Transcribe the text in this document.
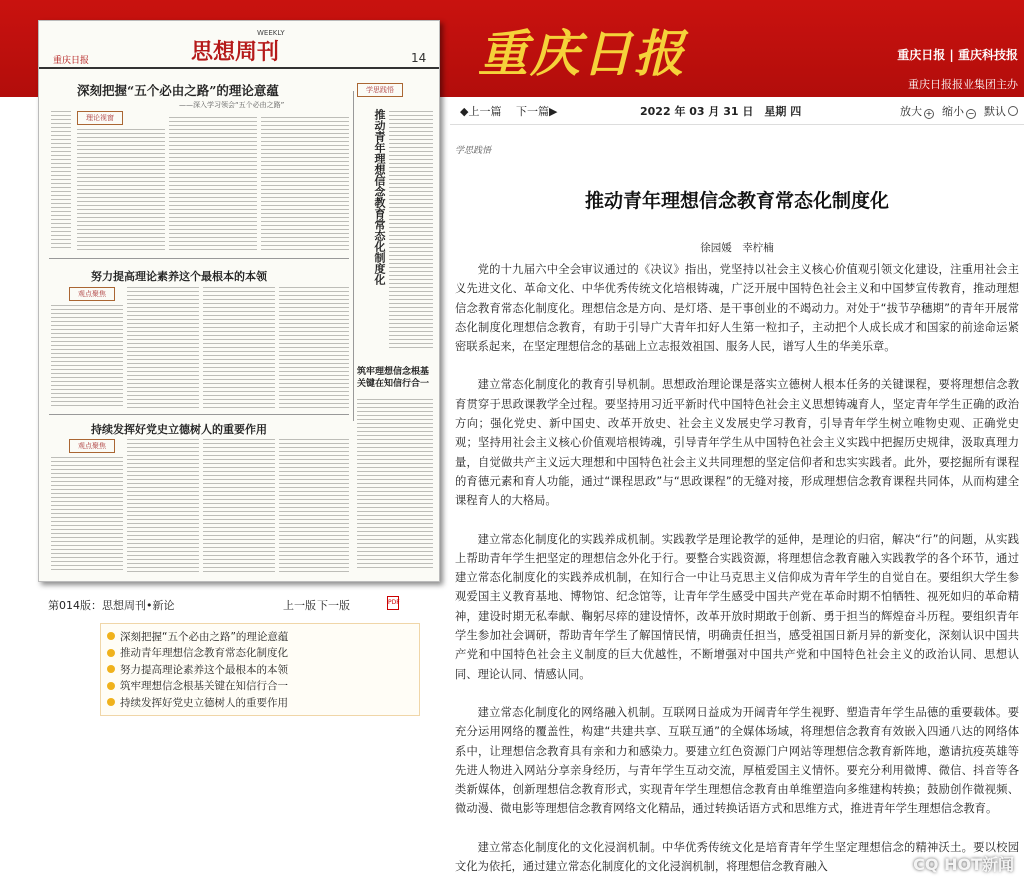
重庆日报	重庆日报 | 重庆科技报
重庆日报报业集团主办
重庆日报	思想周刊
WEEKLY
14
深刻把握“五个必由之路”的理论意蕴
——深入学习领会“五个必由之路”
学思践悟
理论视窗	推动青年理想信念教育常态化制度化
努力提高理论素养这个最根本的本领
观点聚焦
筑牢理想信念根基关键在知信行合一
持续发挥好党史立德树人的重要作用
观点聚焦
第014版：思想周刊•新论	上一版 下一版	PDF
深刻把握“五个必由之路”的理论意蕴
推动青年理想信念教育常态化制度化
努力提高理论素养这个最根本的本领
筑牢理想信念根基关键在知信行合一
持续发挥好党史立德树人的重要作用
◆上一篇 下一篇▶	2022 年 03 月 31 日　星期 四	放大 + 缩小 − 默认
学思践悟
推动青年理想信念教育常态化制度化
徐园媛　幸柠楠

党的十九届六中全会审议通过的《决议》指出，党坚持以社会主义核心价值观引领文化建设，注重用社会主义先进文化、革命文化、中华优秀传统文化培根铸魂，广泛开展中国特色社会主义和中国梦宣传教育，推动理想信念教育常态化制度化。理想信念是方向、是灯塔、是干事创业的不竭动力。对处于“拔节孕穗期”的青年开展常态化制度化理想信念教育，有助于引导广大青年扣好人生第一粒扣子，主动把个人成长成才和国家的前途命运紧密联系起来，在坚定理想信念的基础上立志报效祖国、服务人民，谱写人生的华美乐章。

建立常态化制度化的教育引导机制。思想政治理论课是落实立德树人根本任务的关键课程，要将理想信念教育贯穿于思政课教学全过程。要坚持用习近平新时代中国特色社会主义思想铸魂育人，坚定青年学生正确的政治方向；强化党史、新中国史、改革开放史、社会主义发展史学习教育，引导青年学生树立唯物史观、正确党史观；坚持用社会主义核心价值观培根铸魂，引导青年学生从中国特色社会主义实践中把握历史规律，汲取真理力量，自觉做共产主义远大理想和中国特色社会主义共同理想的坚定信仰者和忠实实践者。此外，要挖掘所有课程的育德元素和育人功能，通过“课程思政”与“思政课程”的无缝对接，形成理想信念教育课程共同体，从而构建全课程育人的大格局。

建立常态化制度化的实践养成机制。实践教学是理论教学的延伸，是理论的归宿，解决“行”的问题，从实践上帮助青年学生把坚定的理想信念外化于行。要整合实践资源，将理想信念教育融入实践教学的各个环节，通过建立常态化制度化的实践养成机制，在知行合一中让马克思主义信仰成为青年学生的自觉自在。要组织大学生参观爱国主义教育基地、博物馆、纪念馆等，让青年学生感受中国共产党在革命时期不怕牺牲、视死如归的革命精神，建设时期无私奉献、鞠躬尽瘁的建设情怀，改革开放时期敢于创新、勇于担当的辉煌奋斗历程。要组织青年学生参加社会调研，帮助青年学生了解国情民情，明确责任担当，感受祖国日新月异的新变化，深刻认识中国共产党和中国特色社会主义制度的巨大优越性，不断增强对中国共产党和中国特色社会主义的政治认同、思想认同、理论认同、情感认同。

建立常态化制度化的网络融入机制。互联网日益成为开阔青年学生视野、塑造青年学生品德的重要载体。要充分运用网络的覆盖性，构建“共建共享、互联互通”的全媒体场域，将理想信念教育有效嵌入四通八达的网络体系中，让理想信念教育具有亲和力和感染力。要建立红色资源门户网站等理想信念教育新阵地，邀请抗疫英雄等先进人物进入网站分享亲身经历，与青年学生互动交流，厚植爱国主义情怀。要充分利用微博、微信、抖音等各类新媒体，创新理想信念教育形式，实现青年学生理想信念教育由单维塑造向多维建构转换；鼓励创作微视频、微动漫、微电影等理想信念教育网络文化精品，通过转换话语方式和思维方式，推进青年学生理想信念教育。

建立常态化制度化的文化浸润机制。中华优秀传统文化是培育青年学生坚定理想信念的精神沃土。要以校园文化为依托，通过建立常态化制度化的文化浸润机制，将理想信念教育融入	CQ HOT新闻
